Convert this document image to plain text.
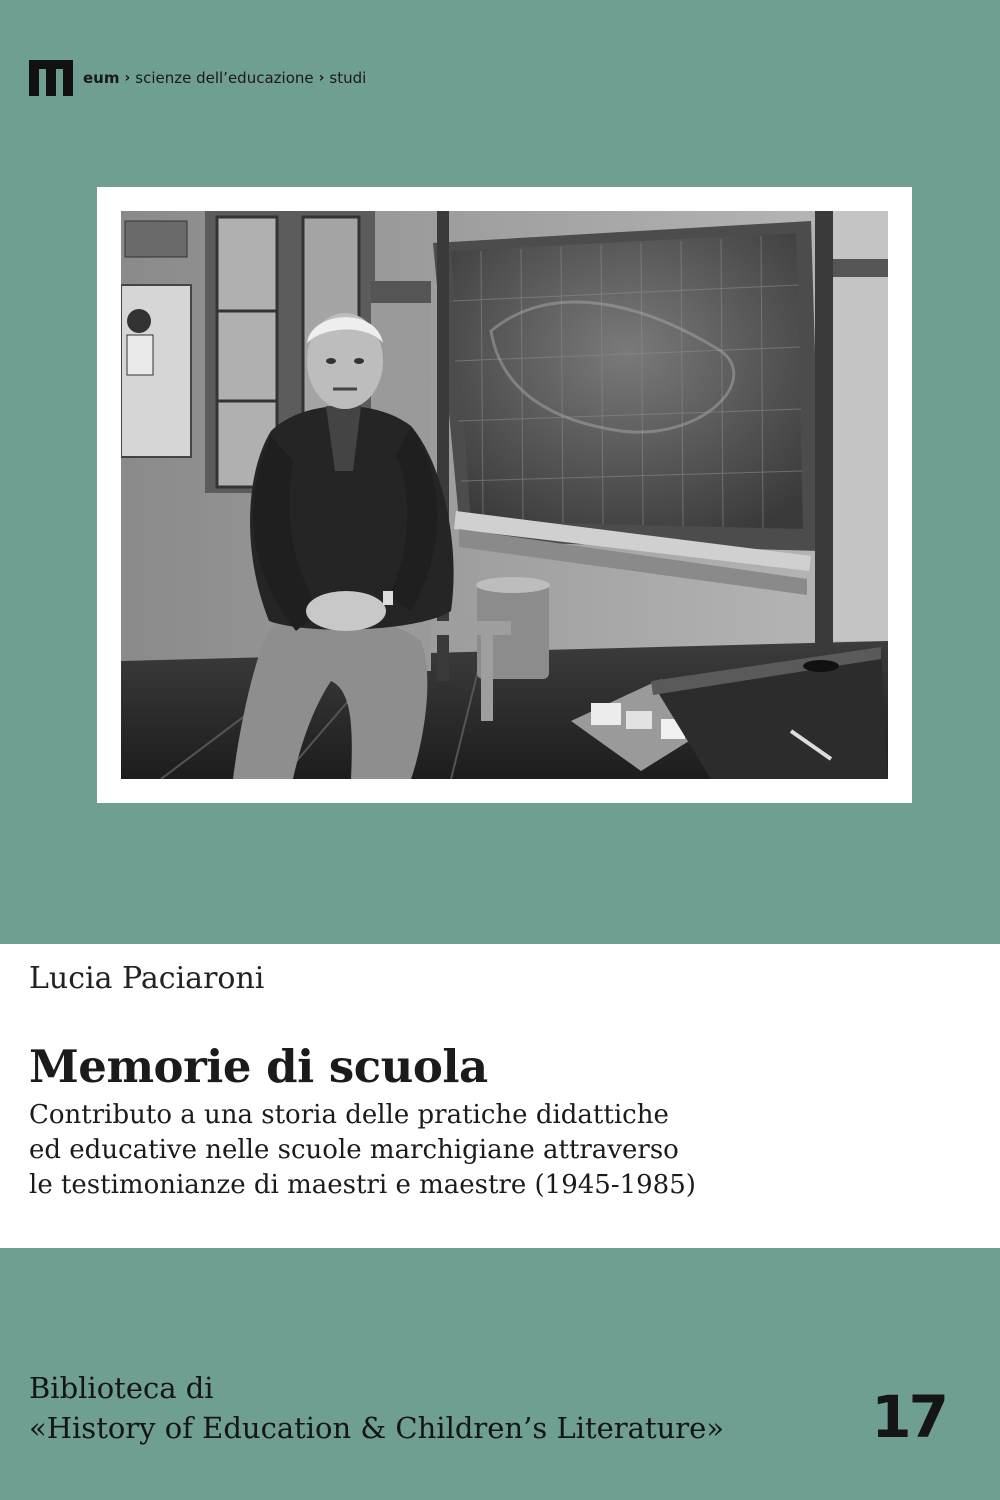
eum › scienze dell’educazione › studi
Lucia Paciaroni
Memorie di scuola
Contributo a una storia delle pratiche didattiche
ed educative nelle scuole marchigiane attraverso
le testimonianze di maestri e maestre (1945-1985)
Biblioteca di
«History of Education & Children’s Literature»	17
